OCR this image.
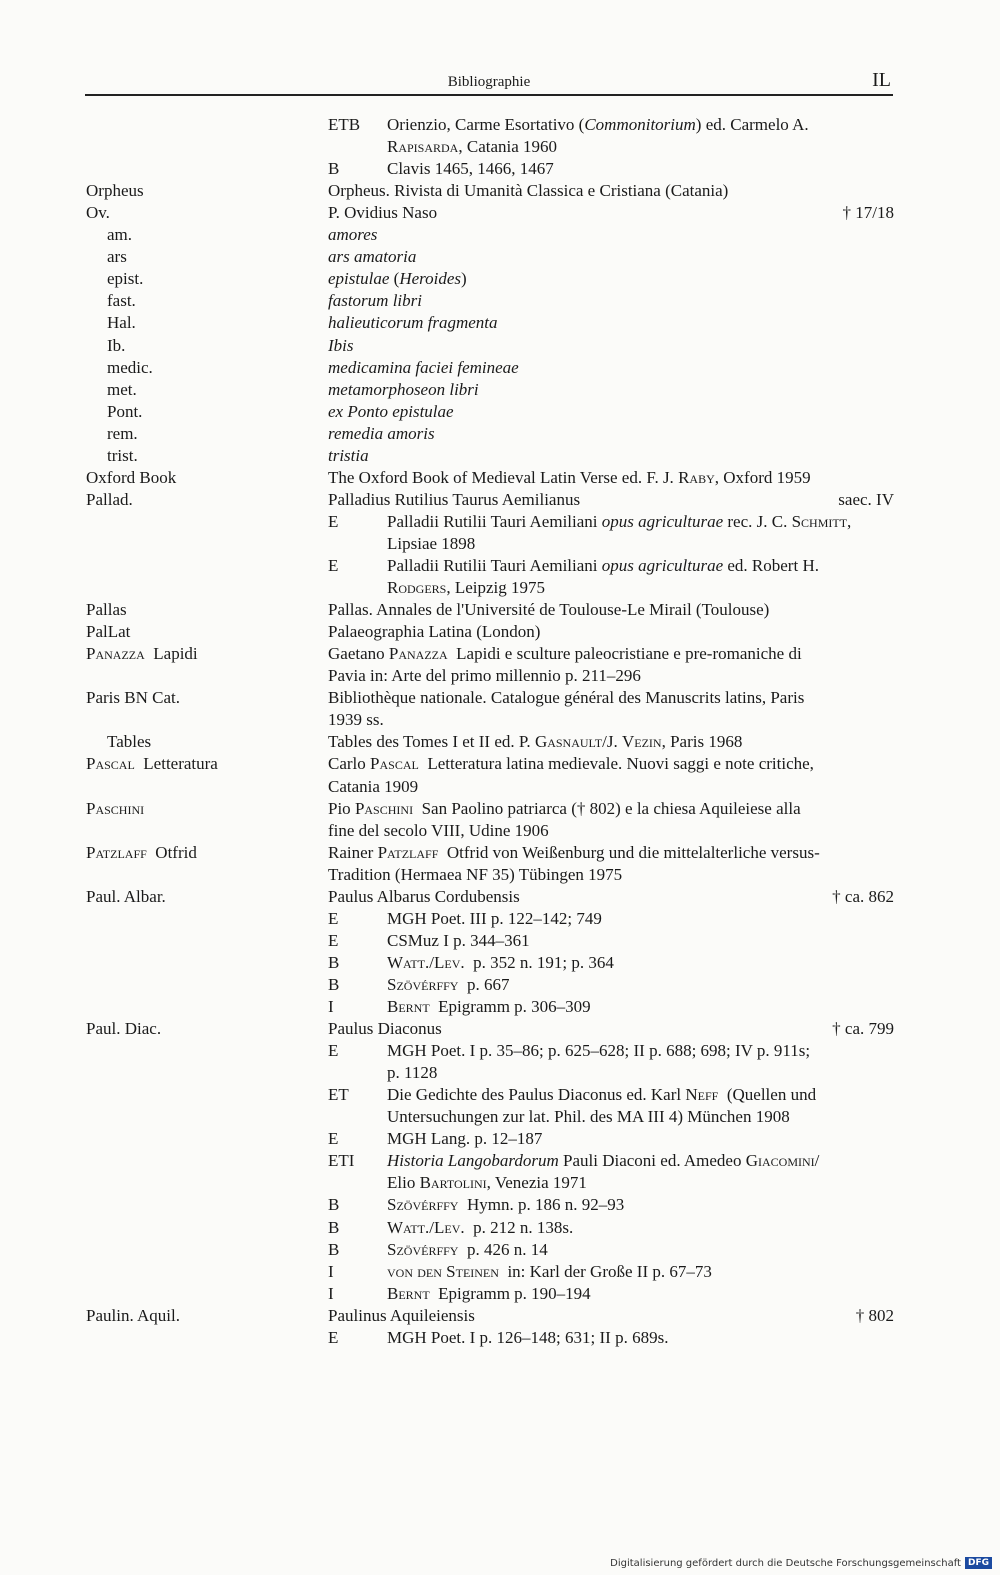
Bibliographie	IL
ETB Orienzio, Carme Esortativo (Commonitorium) ed. Carmelo A.
Rapisarda, Catania 1960
B	Clavis 1465, 1466, 1467
Orpheus	Orpheus. Rivista di Umanità Classica e Cristiana (Catania)
Ov.	P. Ovidius Naso	† 17/18
am.	amores
ars	ars amatoria
epist.	epistulae (Heroides)
fast.	fastorum libri
Hal.	halieuticorum fragmenta
Ib.	Ibis
medic.	medicamina faciei femineae
met.	metamorphoseon libri
Pont.	ex Ponto epistulae
rem.	remedia amoris
trist.	tristia
Oxford Book	The Oxford Book of Medieval Latin Verse ed. F. J. Raby, Oxford 1959
Pallad.	Palladius Rutilius Taurus Aemilianus	saec. IV
E	Palladii Rutilii Tauri Aemiliani opus agriculturae rec. J. C. Schmitt,
Lipsiae 1898
E	Palladii Rutilii Tauri Aemiliani opus agriculturae ed. Robert H.
Rodgers, Leipzig 1975
Pallas	Pallas. Annales de l'Université de Toulouse-Le Mirail (Toulouse)
PalLat	Palaeographia Latina (London)
Panazza  Lapidi	Gaetano Panazza  Lapidi e sculture paleocristiane e pre-romaniche di
Pavia in: Arte del primo millennio p. 211–296
Paris BN Cat.	Bibliothèque nationale. Catalogue général des Manuscrits latins, Paris
1939 ss.
Tables	Tables des Tomes I et II ed. P. Gasnault/J. Vezin, Paris 1968
Pascal  Letteratura	Carlo Pascal  Letteratura latina medievale. Nuovi saggi e note critiche,
Catania 1909
Paschini	Pio Paschini  San Paolino patriarca († 802) e la chiesa Aquileiese alla
fine del secolo VIII, Udine 1906
Patzlaff  Otfrid	Rainer Patzlaff  Otfrid von Weißenburg und die mittelalterliche versus-
Tradition (Hermaea NF 35) Tübingen 1975
Paul. Albar.	Paulus Albarus Cordubensis	† ca. 862
E	MGH Poet. III p. 122–142; 749
E	CSMuz I p. 344–361
B	Watt./Lev.  p. 352 n. 191; p. 364
B	Szövérffy  p. 667
I	Bernt  Epigramm p. 306–309
Paul. Diac.	Paulus Diaconus	† ca. 799
E	MGH Poet. I p. 35–86; p. 625–628; II p. 688; 698; IV p. 911s;
p. 1128
ET Die Gedichte des Paulus Diaconus ed. Karl Neff  (Quellen und
Untersuchungen zur lat. Phil. des MA III 4) München 1908
E	MGH Lang. p. 12–187
ETI Historia Langobardorum Pauli Diaconi ed. Amedeo Giacomini/
Elio Bartolini, Venezia 1971
B	Szövérffy  Hymn. p. 186 n. 92–93
B	Watt./Lev.  p. 212 n. 138s.
B	Szövérffy  p. 426 n. 14
I	von den Steinen  in: Karl der Große II p. 67–73
I	Bernt  Epigramm p. 190–194
Paulin. Aquil.	Paulinus Aquileiensis	† 802
E	MGH Poet. I p. 126–148; 631; II p. 689s.
Digitalisierung gefördert durch die Deutsche Forschungsgemeinschaft DFG
